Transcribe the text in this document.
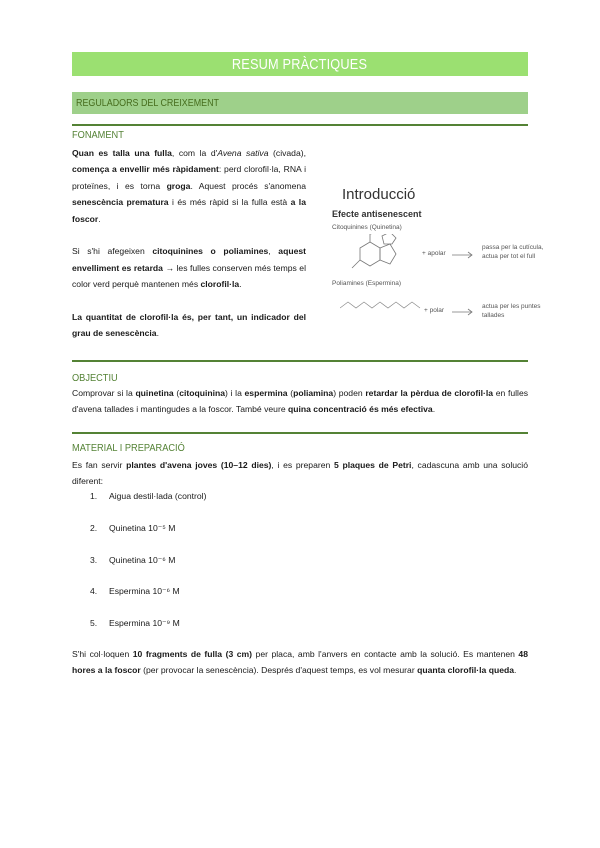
RESUM PRÀCTIQUES
REGULADORS DEL CREIXEMENT
FONAMENT

Quan es talla una fulla, com la d'Avena sativa (civada), comença a envellir més ràpidament: perd clorofil·la, RNA i proteïnes, i es torna groga. Aquest procés s'anomena senescència prematura i és més ràpid si la fulla està a la foscor.

Si s'hi afegeixen citoquinines o poliamines, aquest envelliment es retarda → les fulles conserven més temps el color verd perquè mantenen més clorofil·la.

La quantitat de clorofil·la és, per tant, un indicador del grau de senescència.

Introducció
Efecte antisenescent
Citoquinines (Quinetina)
+ apolar
passa per la cutícula,
actua per tot el full
Poliamines (Espermina)
+ polar
actua per les puntes
tallades
OBJECTIU
Comprovar si la quinetina (citoquinina) i la espermina (poliamina) poden retardar la pèrdua de clorofil·la en fulles d'avena tallades i mantingudes a la foscor. També veure quina concentració és més efectiva.
MATERIAL I PREPARACIÓ
Es fan servir plantes d'avena joves (10–12 dies), i es preparen 5 plaques de Petri, cadascuna amb una solució diferent:
1.	Aigua destil·lada (control)
2.	Quinetina 10⁻⁵ M
3.	Quinetina 10⁻⁶ M
4.	Espermina 10⁻⁶ M
5.	Espermina 10⁻⁹ M
S'hi col·loquen 10 fragments de fulla (3 cm) per placa, amb l'anvers en contacte amb la solució. Es mantenen 48 hores a la foscor (per provocar la senescència). Després d'aquest temps, es vol mesurar quanta clorofil·la queda.
